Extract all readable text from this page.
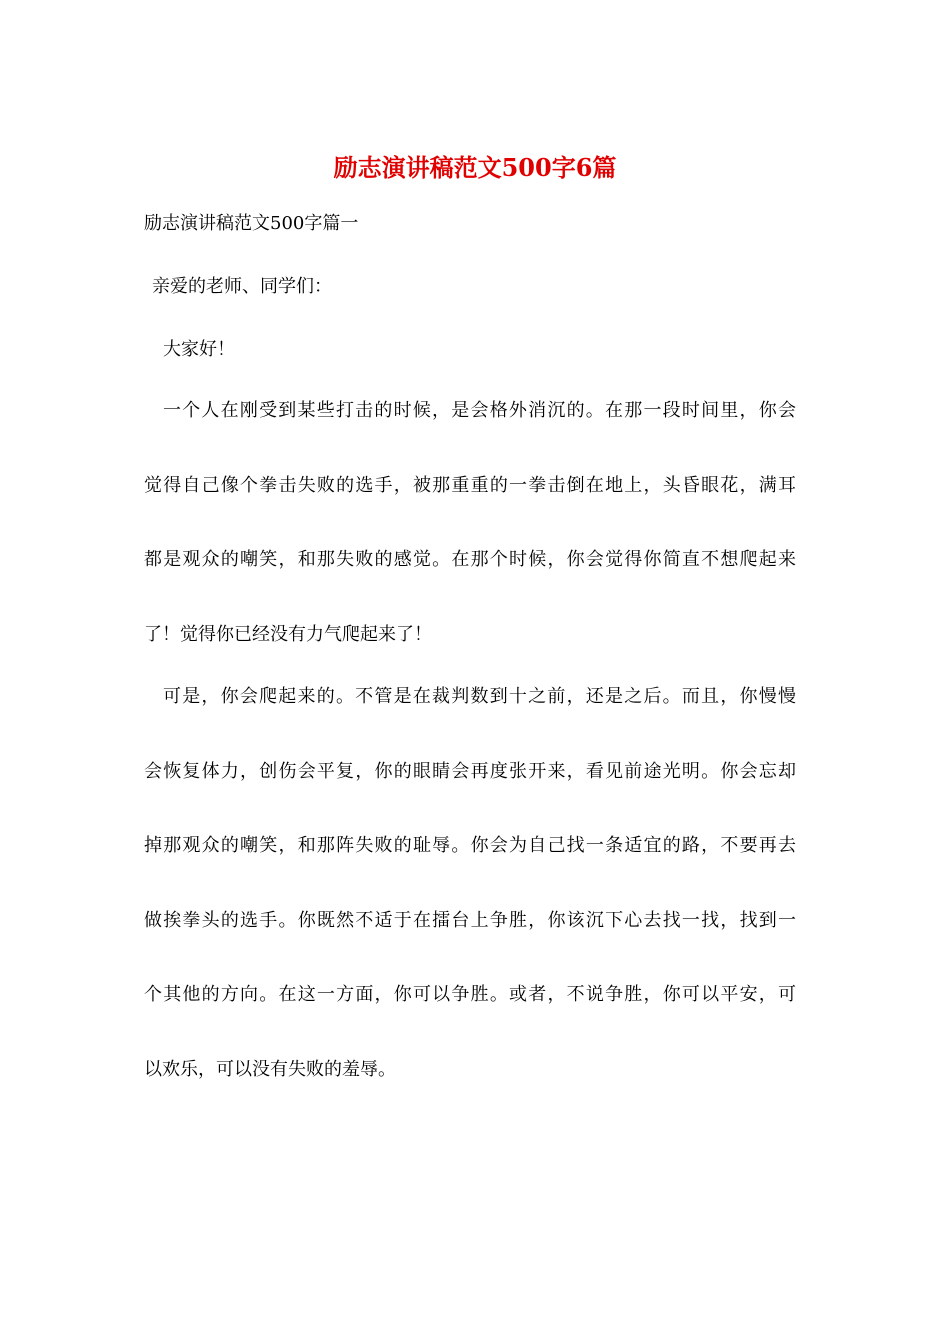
励志演讲稿范文500字6篇

励志演讲稿范文500字篇一

亲爱的老师、同学们：

大家好！

一个人在刚受到某些打击的时候，是会格外消沉的。在那一段时间里，你会
觉得自己像个拳击失败的选手，被那重重的一拳击倒在地上，头昏眼花，满耳
都是观众的嘲笑，和那失败的感觉。在那个时候，你会觉得你简直不想爬起来
了！觉得你已经没有力气爬起来了！
可是，你会爬起来的。不管是在裁判数到十之前，还是之后。而且，你慢慢
会恢复体力，创伤会平复，你的眼睛会再度张开来，看见前途光明。你会忘却
掉那观众的嘲笑，和那阵失败的耻辱。你会为自己找一条适宜的路，不要再去
做挨拳头的选手。你既然不适于在擂台上争胜，你该沉下心去找一找，找到一
个其他的方向。在这一方面，你可以争胜。或者，不说争胜，你可以平安，可
以欢乐，可以没有失败的羞辱。
